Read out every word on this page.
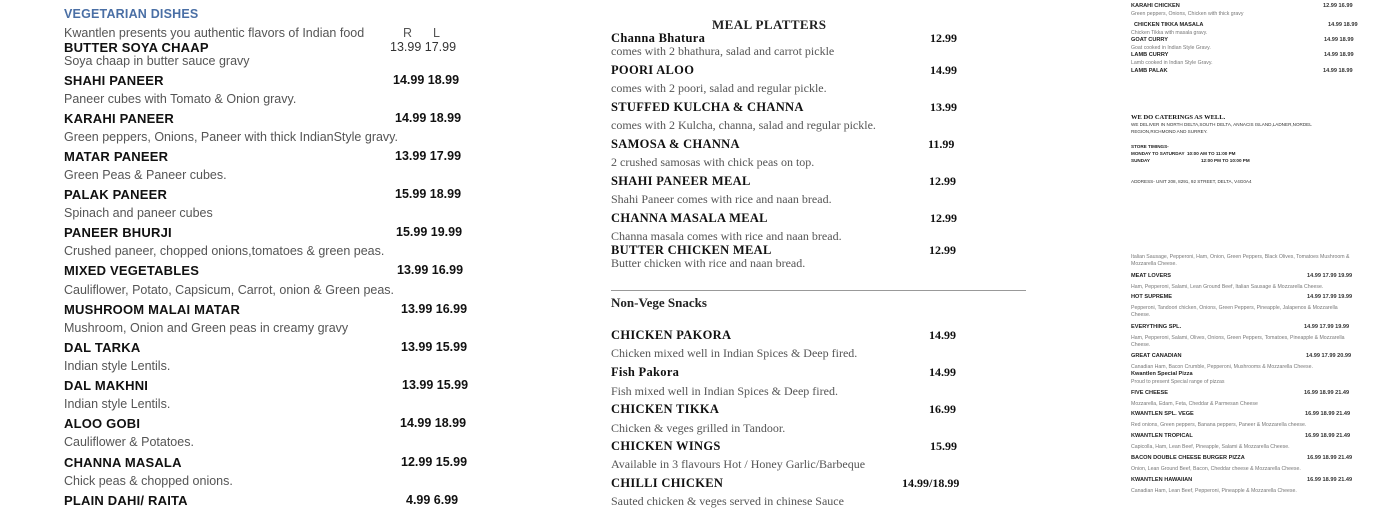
VEGETARIAN DISHES
Kwantlen presents you authentic flavors of Indian food	R L
BUTTER SOYA CHAAP	13.99 17.99
Soya chaap in butter sauce gravy
SHAHI PANEER	14.99 18.99
Paneer cubes with Tomato & Onion gravy.
KARAHI PANEER	14.99 18.99
Green peppers, Onions, Paneer with thick IndianStyle gravy.
MATAR PANEER	13.99 17.99
Green Peas & Paneer cubes.
PALAK PANEER	15.99 18.99
Spinach and paneer cubes
PANEER BHURJI	15.99 19.99
Crushed paneer, chopped onions,tomatoes & green peas.
MIXED VEGETABLES	13.99 16.99
Cauliflower, Potato, Capsicum, Carrot, onion & Green peas.
MUSHROOM MALAI MATAR	13.99 16.99
Mushroom, Onion and Green peas in creamy gravy
DAL TARKA	13.99 15.99
Indian style Lentils.
DAL MAKHNI	13.99 15.99
Indian style Lentils.
ALOO GOBI	14.99 18.99
Cauliflower & Potatoes.
CHANNA MASALA	12.99 15.99
Chick peas & chopped onions.
PLAIN DAHI/ RAITA	4.99 6.99
MEAL PLATTERS
Channa Bhatura	12.99
comes with 2 bhathura, salad and carrot pickle
POORI ALOO	14.99
comes with 2 poori, salad and regular pickle.
STUFFED KULCHA & CHANNA	13.99
comes with 2 Kulcha, channa, salad and regular pickle.
SAMOSA & CHANNA	11.99
2 crushed samosas with chick peas on top.
SHAHI PANEER MEAL	12.99
Shahi Paneer comes with rice and naan bread.
CHANNA MASALA MEAL	12.99
Channa masala comes with rice and naan bread.
BUTTER CHICKEN MEAL	12.99
Butter chicken with rice and naan bread.
Non-Vege Snacks
CHICKEN PAKORA	14.99
Chicken mixed well in Indian Spices & Deep fired.
Fish Pakora	14.99
Fish mixed well in Indian Spices & Deep fired.
CHICKEN TIKKA	16.99
Chicken & veges grilled in Tandoor.
CHICKEN WINGS	15.99
Available in 3 flavours Hot / Honey Garlic/Barbeque
CHILLI CHICKEN	14.99/18.99
Sauted chicken & veges served in chinese Sauce
KARAHI CHICKEN	12.99 16.99
Green peppers, Onions, Chicken with thick gravy
CHICKEN TIKKA MASALA	14.99 18.99
Chicken Tikka with masala gravy.
GOAT CURRY	14.99 18.99
Goat cooked in Indian Style Gravy.
LAMB CURRY	14.99 18.99
Lamb cooked in Indian Style Gravy.
LAMB PALAK	14.99 18.99
WE DO CATERINGS AS WELL.
WE DELIVER IN NORTH DELTA,SOUTH DELTA, ANNACIS ISLAND,LADNER,NORDEL
REGION,RICHMOND AND SURREY.
STORE TIMINGS-
MONDAY TO SATURDAY 10:00 AM TO 11:00 PM
SUNDAY	12:00 PM TO 10:00 PM
ADDRESS- UNIT 208, 8291, 92 STREET, DELTA, V4G0A4
Italian Sausage, Pepperoni, Ham, Onion, Green Peppers, Black Olives, Tomatoes Mushroom & Mozzarella Cheese.
MEAT LOVERS	14.99 17.99 19.99
Ham, Pepperoni, Salami, Lean Ground Beef, Italian Sausage & Mozzarella Cheese.
HOT SUPREME	14.99 17.99 19.99
Pepperoni, Tandoori chicken, Onions, Green Peppers, Pineapple, Jalapenos & Mozzarella Cheese.
EVERYTHING SPL.	14.99 17.99 19.99
Ham, Pepperoni, Salami, Olives, Onions, Green Peppers, Tomatoes, Pineapple & Mozzarella Cheese.
GREAT CANADIAN	14.99 17.99 20.99
Canadian Ham, Bacon Crumble, Pepperoni, Mushrooms & Mozzarella Cheese.
Kwantlen Special Pizza
Proud to present Special range of pizzas
FIVE CHEESE	16.99 18.99 21.49
Mozzarella, Edam, Feta, Cheddar & Parmesan Cheese
KWANTLEN SPL. VEGE	16.99 18.99 21.49
Red onions, Green peppers, Banana peppers, Paneer & Mozzarella cheese.
KWANTLEN TROPICAL	16.99 18.99 21.49
Capicolla, Ham, Lean Beef, Pineapple, Salami & Mozzarella Cheese.
BACON DOUBLE CHEESE BURGER PIZZA	16.99 18.99 21.49
Onion, Lean Ground Beef, Bacon, Cheddar cheese & Mozzarella Cheese.
KWANTLEN HAWAIIAN	16.99 18.99 21.49
Canadian Ham, Lean Beef, Pepperoni, Pineapple & Mozzarella Cheese.
